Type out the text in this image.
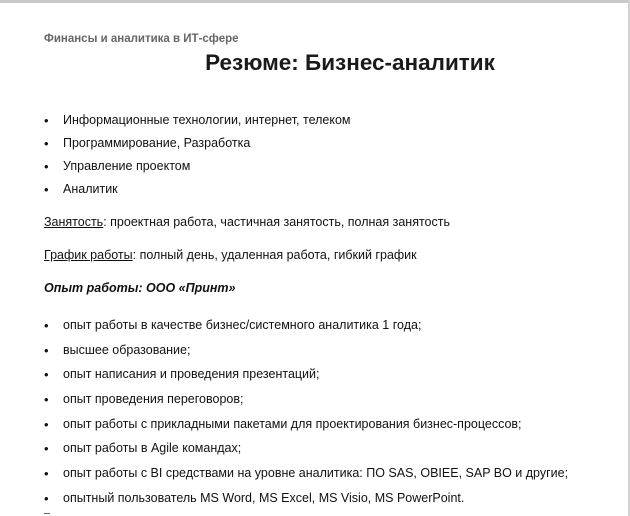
Финансы и аналитика в ИТ-сфере
Резюме: Бизнес-аналитик
• Информационные технологии, интернет, телеком
• Программирование, Разработка
• Управление проектом
• Аналитик
Занятость: проектная работа, частичная занятость, полная занятость
График работы: полный день, удаленная работа, гибкий график
Опыт работы: ООО «Принт»
• опыт работы в качестве бизнес/системного аналитика 1 года;
• высшее образование;
• опыт написания и проведения презентаций;
• опыт проведения переговоров;
• опыт работы с прикладными пакетами для проектирования бизнес-процессов;
• опыт работы в Agile командах;
• опыт работы с BI средствами на уровне аналитика: ПО SAS, OBIEE, SAP BO и другие;
• опытный пользователь MS Word, MS Excel, MS Visio, MS PowerPoint.
